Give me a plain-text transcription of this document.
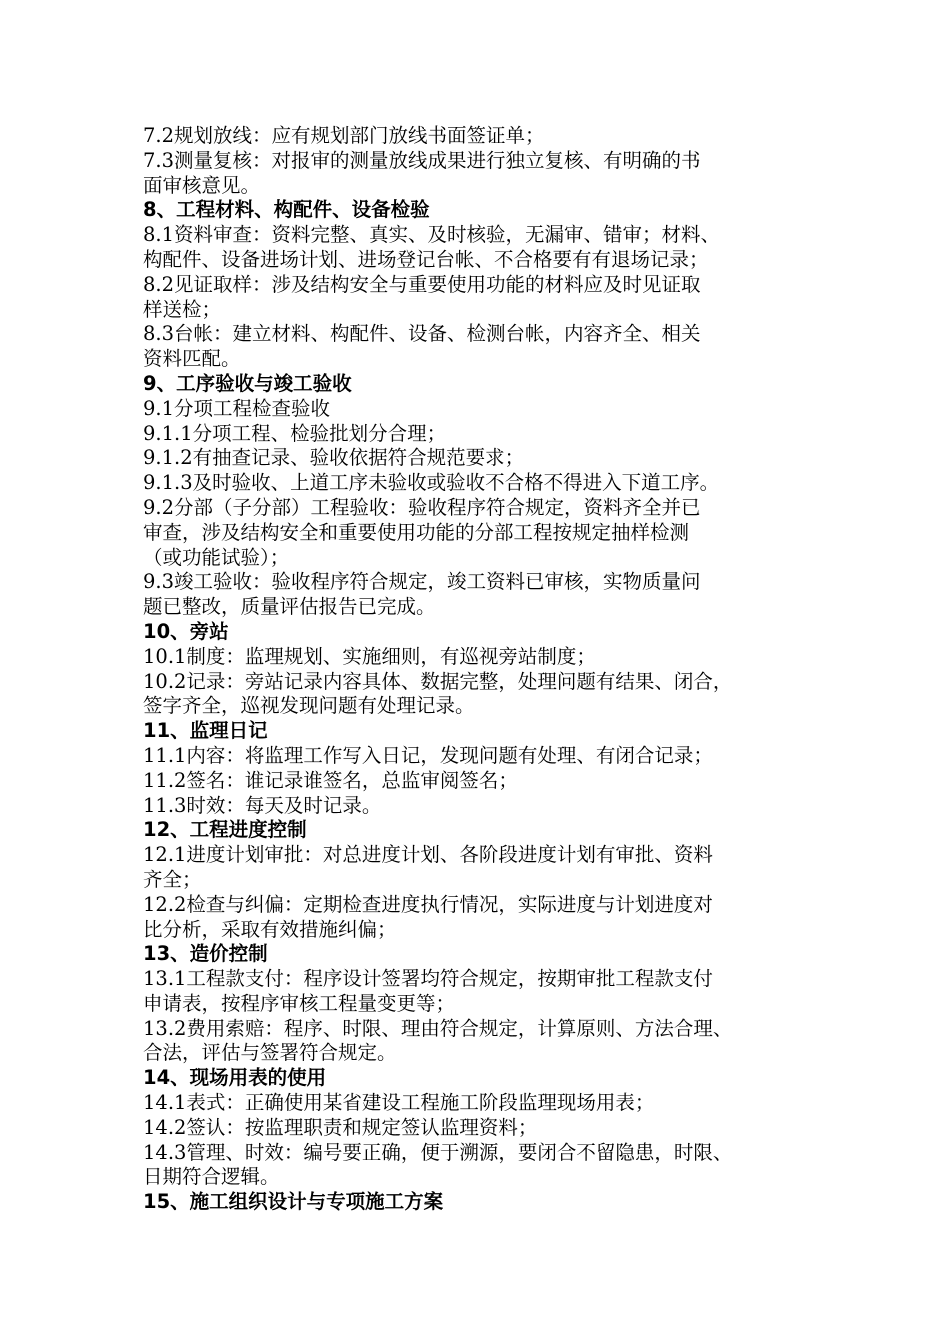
7.2规划放线：应有规划部门放线书面签证单；
7.3测量复核：对报审的测量放线成果进行独立复核、有明确的书
面审核意见。
8、工程材料、构配件、设备检验
8.1资料审查：资料完整、真实、及时核验，无漏审、错审；材料、
构配件、设备进场计划、进场登记台帐、不合格要有有退场记录；
8.2见证取样：涉及结构安全与重要使用功能的材料应及时见证取
样送检；
8.3台帐：建立材料、构配件、设备、检测台帐，内容齐全、相关
资料匹配。
9、工序验收与竣工验收
9.1分项工程检查验收
9.1.1分项工程、检验批划分合理；
9.1.2有抽查记录、验收依据符合规范要求；
9.1.3及时验收、上道工序未验收或验收不合格不得进入下道工序。
9.2分部（子分部）工程验收：验收程序符合规定，资料齐全并已
审查，涉及结构安全和重要使用功能的分部工程按规定抽样检测
（或功能试验）；
9.3竣工验收：验收程序符合规定，竣工资料已审核，实物质量问
题已整改，质量评估报告已完成。
10、旁站
10.1制度：监理规划、实施细则，有巡视旁站制度；
10.2记录：旁站记录内容具体、数据完整，处理问题有结果、闭合，
签字齐全，巡视发现问题有处理记录。
11、监理日记
11.1内容：将监理工作写入日记，发现问题有处理、有闭合记录；
11.2签名：谁记录谁签名，总监审阅签名；
11.3时效：每天及时记录。
12、工程进度控制
12.1进度计划审批：对总进度计划、各阶段进度计划有审批、资料
齐全；
12.2检查与纠偏：定期检查进度执行情况，实际进度与计划进度对
比分析，采取有效措施纠偏；
13、造价控制
13.1工程款支付：程序设计签署均符合规定，按期审批工程款支付
申请表，按程序审核工程量变更等；
13.2费用索赔：程序、时限、理由符合规定，计算原则、方法合理、
合法，评估与签署符合规定。
14、现场用表的使用
14.1表式：正确使用某省建设工程施工阶段监理现场用表；
14.2签认：按监理职责和规定签认监理资料；
14.3管理、时效：编号要正确，便于溯源，要闭合不留隐患，时限、
日期符合逻辑。
15、施工组织设计与专项施工方案
